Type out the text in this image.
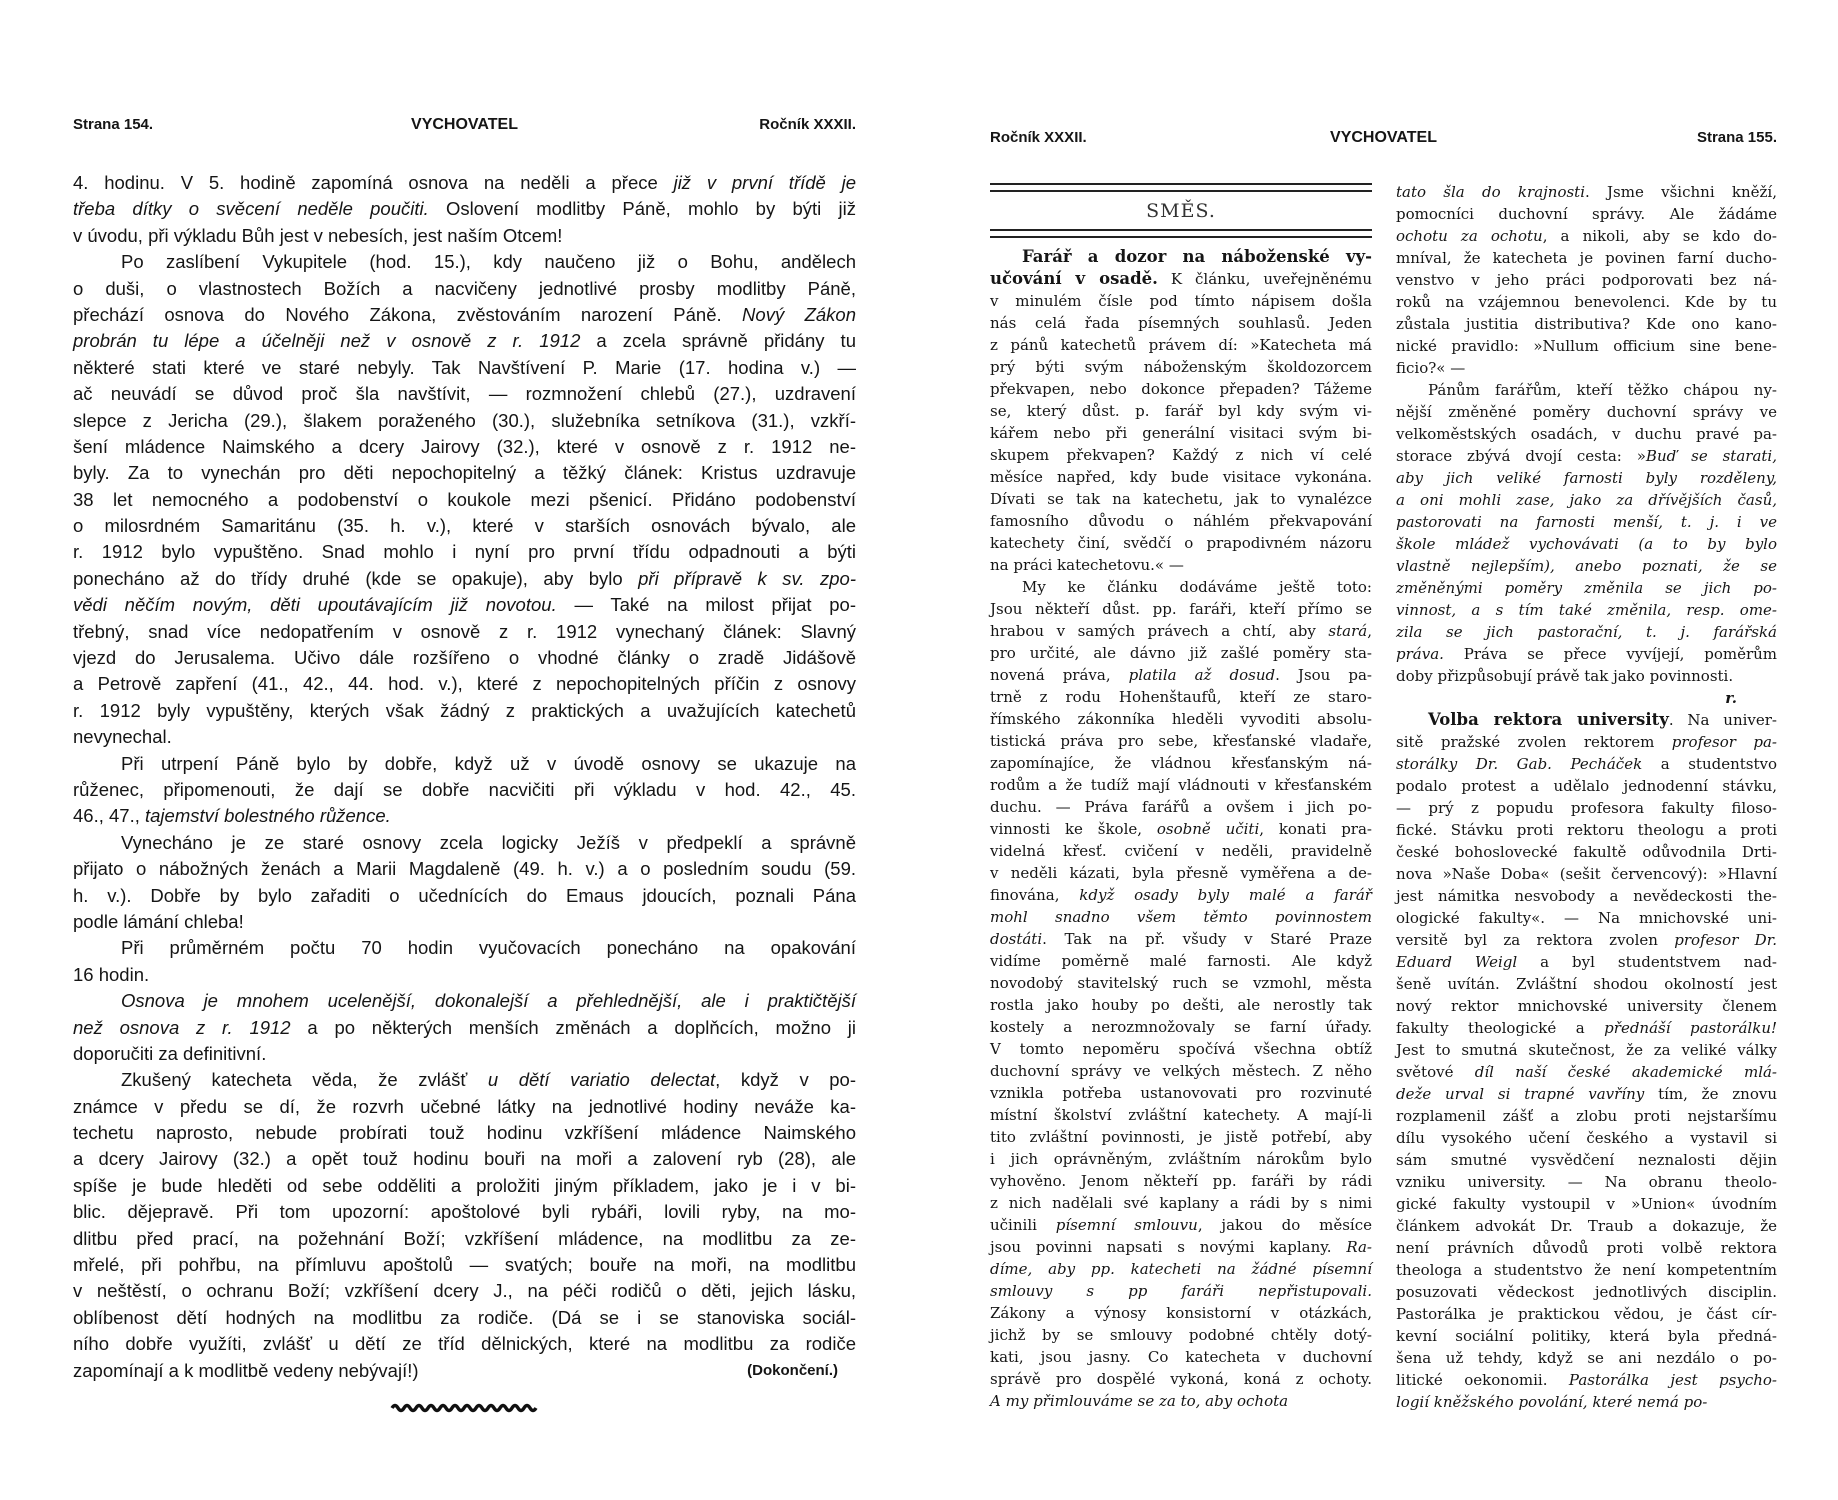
Strana 154.	VYCHOVATEL	Ročník XXXII.
4. hodinu. V 5. hodině zapomíná osnova na neděli a přece již v první třídě je
třeba dítky o svěcení neděle poučiti. Oslovení modlitby Páně, mohlo by býti již
v úvodu, při výkladu Bůh jest v nebesích, jest naším Otcem!
Po zaslíbení Vykupitele (hod. 15.), kdy naučeno již o Bohu, andělech
o duši, o vlastnostech Božích a nacvičeny jednotlivé prosby modlitby Páně,
přechází osnova do Nového Zákona, zvěstováním narození Páně. Nový Zákon
probrán tu lépe a účelněji než v osnově z r. 1912 a zcela správně přidány tu
některé stati které ve staré nebyly. Tak Navštívení P. Marie (17. hodina v.) —
ač neuvádí se důvod proč šla navštívit, — rozmnožení chlebů (27.), uzdravení
slepce z Jericha (29.), šlakem poraženého (30.), služebníka setníkova (31.), vzkří-
šení mládence Naimského a dcery Jairovy (32.), které v osnově z r. 1912 ne-
byly. Za to vynechán pro děti nepochopitelný a těžký článek: Kristus uzdravuje
38 let nemocného a podobenství o koukole mezi pšenicí. Přidáno podobenství
o milosrdném Samaritánu (35. h. v.), které v starších osnovách bývalo, ale
r. 1912 bylo vypuštěno. Snad mohlo i nyní pro první třídu odpadnouti a býti
ponecháno až do třídy druhé (kde se opakuje), aby bylo při přípravě k sv. zpo-
vědi něčím novým, děti upoutávajícím již novotou. — Také na milost přijat po-
třebný, snad více nedopatřením v osnově z r. 1912 vynechaný článek: Slavný
vjezd do Jerusalema. Učivo dále rozšířeno o vhodné články o zradě Jidášově
a Petrově zapření (41., 42., 44. hod. v.), které z nepochopitelných příčin z osnovy
r. 1912 byly vypuštěny, kterých však žádný z praktických a uvažujících katechetů
nevynechal.
Při utrpení Páně bylo by dobře, když už v úvodě osnovy se ukazuje na
růženec, připomenouti, že dají se dobře nacvičiti při výkladu v hod. 42., 45.
46., 47., tajemství bolestného růžence.
Vynecháno je ze staré osnovy zcela logicky Ježíš v předpeklí a správně
přijato o nábožných ženách a Marii Magdaleně (49. h. v.) a o posledním soudu (59.
h. v.). Dobře by bylo zařaditi o učednících do Emaus jdoucích, poznali Pána
podle lámání chleba!
Při průměrném počtu 70 hodin vyučovacích ponecháno na opakování
16 hodin.
Osnova je mnohem ucelenější, dokonalejší a přehlednější, ale i praktičtější
než osnova z r. 1912 a po některých menších změnách a doplňcích, možno ji
doporučiti za definitivní.
Zkušený katecheta věda, že zvlášť u dětí variatio delectat, když v po-
známce v předu se dí, že rozvrh učebné látky na jednotlivé hodiny neváže ka-
techetu naprosto, nebude probírati touž hodinu vzkříšení mládence Naimského
a dcery Jairovy (32.) a opět touž hodinu bouři na moři a zalovení ryb (28), ale
spíše je bude hleděti od sebe odděliti a proložiti jiným příkladem, jako je i v bi-
blic. dějepravě. Při tom upozorní: apoštolové byli rybáři, lovili ryby, na mo-
dlitbu před prací, na požehnání Boží; vzkříšení mládence, na modlitbu za ze-
mřelé, při pohřbu, na přímluvu apoštolů — svatých; bouře na moři, na modlitbu
v neštěstí, o ochranu Boží; vzkříšení dcery J., na péči rodičů o děti, jejich lásku,
oblíbenost dětí hodných na modlitbu za rodiče. (Dá se i se stanoviska sociál-
ního dobře využíti, zvlášť u dětí ze tříd dělnických, které na modlitbu za rodiče
(Dokončení.)
zapomínají a k modlitbě vedeny nebývají!)
Ročník XXXII.	VYCHOVATEL	Strana 155.
SMĚS.
Farář a dozor na náboženské vy-
učování v osadě. K článku, uveřejněnému
v minulém čísle pod tímto nápisem došla
nás celá řada písemných souhlasů. Jeden
z pánů katechetů právem dí: »Katecheta má
prý býti svým náboženským školdozorcem
překvapen, nebo dokonce přepaden? Tážeme
se, který důst. p. farář byl kdy svým vi-
kářem nebo při generální visitaci svým bi-
skupem překvapen? Každý z nich ví celé
měsíce napřed, kdy bude visitace vykonána.
Dívati se tak na katechetu, jak to vynalézce
famosního důvodu o náhlém překvapování
katechety činí, svědčí o prapodivném názoru
na práci katechetovu.« —
My ke článku dodáváme ještě toto:
Jsou někteří důst. pp. faráři, kteří přímo se
hrabou v samých právech a chtí, aby stará,
pro určité, ale dávno již zašlé poměry sta-
novená práva, platila až dosud. Jsou pa-
trně z rodu Hohenštaufů, kteří ze staro-
římského zákonníka hleděli vyvoditi absolu-
tistická práva pro sebe, křesťanské vladaře,
zapomínajíce, že vládnou křesťanským ná-
rodům a že tudíž mají vládnouti v křesťanském
duchu. — Práva farářů a ovšem i jich po-
vinnosti ke škole, osobně učiti, konati pra-
videlná křesť. cvičení v neděli, pravidelně
v neděli kázati, byla přesně vyměřena a de-
finována, když osady byly malé a farář
mohl snadno všem těmto povinnostem
dostáti. Tak na př. všudy v Staré Praze
vidíme poměrně malé farnosti. Ale když
novodobý stavitelský ruch se vzmohl, města
rostla jako houby po dešti, ale nerostly tak
kostely a nerozmnožovaly se farní úřady.
V tomto nepoměru spočívá všechna obtíž
duchovní správy ve velkých městech. Z něho
vznikla potřeba ustanovovati pro rozvinuté
místní školství zvláštní katechety. A mají-li
tito zvláštní povinnosti, je jistě potřebí, aby
i jich oprávněným, zvláštním nárokům bylo
vyhověno. Jenom někteří pp. faráři by rádi
z nich nadělali své kaplany a rádi by s nimi
učinili písemní smlouvu, jakou do měsíce
jsou povinni napsati s novými kaplany. Ra-
díme, aby pp. katecheti na žádné písemní
smlouvy s pp faráři nepřistupovali.
Zákony a výnosy konsistorní v otázkách,
jichž by se smlouvy podobné chtěly dotý-
kati, jsou jasny. Co katecheta v duchovní
správě pro dospělé vykoná, koná z ochoty.
A my přimlouváme se za to, aby ochota
tato šla do krajnosti. Jsme všichni kněží,
pomocníci duchovní správy. Ale žádáme
ochotu za ochotu, a nikoli, aby se kdo do-
mníval, že katecheta je povinen farní ducho-
venstvo v jeho práci podporovati bez ná-
roků na vzájemnou benevolenci. Kde by tu
zůstala justitia distributiva? Kde ono kano-
nické pravidlo: »Nullum officium sine bene-
ficio?« —
Pánům farářům, kteří těžko chápou ny-
nější změněné poměry duchovní správy ve
velkoměstských osadách, v duchu pravé pa-
storace zbývá dvojí cesta: »Buď se starati,
aby jich veliké farnosti byly rozděleny,
a oni mohli zase, jako za dřívějších časů,
pastorovati na farnosti menší, t. j. i ve
škole mládež vychovávati (a to by bylo
vlastně nejlepším), anebo poznati, že se
změněnými poměry změnila se jich po-
vinnost, a s tím také změnila, resp. ome-
zila se jich pastorační, t. j. farářská
práva. Práva se přece vyvíjejí, poměrům
doby přizpůsobují právě tak jako povinnosti.
r.
Volba rektora university. Na univer-
sitě pražské zvolen rektorem profesor pa-
storálky Dr. Gab. Pecháček a studentstvo
podalo protest a udělalo jednodenní stávku,
— prý z popudu profesora fakulty filoso-
fické. Stávku proti rektoru theologu a proti
české bohoslovecké fakultě odůvodnila Drti-
nova »Naše Doba« (sešit červencový): »Hlavní
jest námitka nesvobody a nevědeckosti the-
ologické fakulty«. — Na mnichovské uni-
versitě byl za rektora zvolen profesor Dr.
Eduard Weigl a byl studentstvem nad-
šeně uvítán. Zvláštní shodou okolností jest
nový rektor mnichovské university členem
fakulty theologické a přednáší pastorálku!
Jest to smutná skutečnost, že za veliké války
světové díl naší české akademické mlá-
deže urval si trapné vavříny tím, že znovu
rozplamenil zášť a zlobu proti nejstaršímu
dílu vysokého učení českého a vystavil si
sám smutné vysvědčení neznalosti dějin
vzniku university. — Na obranu theolo-
gické fakulty vystoupil v »Union« úvodním
článkem advokát Dr. Traub a dokazuje, že
není právních důvodů proti volbě rektora
theologa a studentstvo že není kompetentním
posuzovati vědeckost jednotlivých disciplin.
Pastorálka je praktickou vědou, je část cír-
kevní sociální politiky, která byla předná-
šena už tehdy, když se ani nezdálo o po-
litické oekonomii. Pastorálka jest psycho-
logií kněžského povolání, které nemá po-
